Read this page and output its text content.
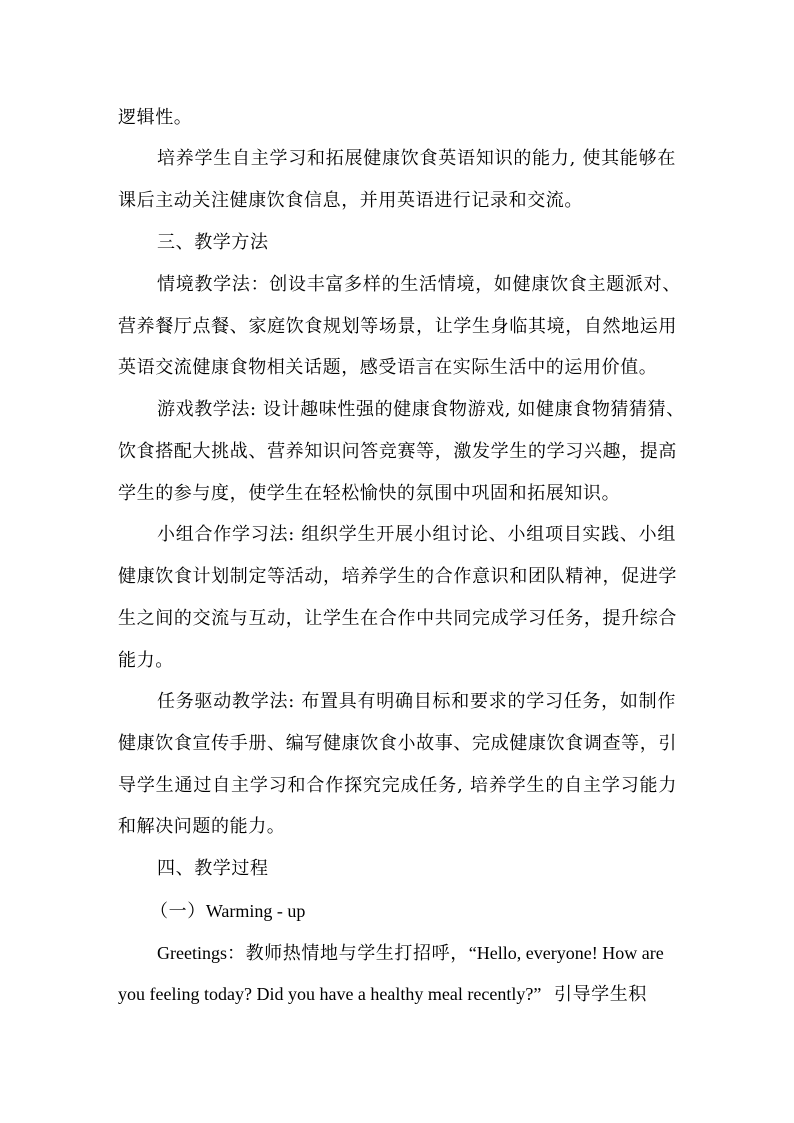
逻辑性。
培养学生自主学习和拓展健康饮食英语知识的能力, 使其能够在
课后主动关注健康饮食信息，并用英语进行记录和交流。
三、教学方法
情境教学法：创设丰富多样的生活情境，如健康饮食主题派对、
营养餐厅点餐、家庭饮食规划等场景，让学生身临其境，自然地运用
英语交流健康食物相关话题，感受语言在实际生活中的运用价值。
游戏教学法: 设计趣味性强的健康食物游戏, 如健康食物猜猜猜、
饮食搭配大挑战、营养知识问答竞赛等，激发学生的学习兴趣，提高
学生的参与度，使学生在轻松愉快的氛围中巩固和拓展知识。
小组合作学习法: 组织学生开展小组讨论、小组项目实践、小组
健康饮食计划制定等活动，培养学生的合作意识和团队精神，促进学
生之间的交流与互动，让学生在合作中共同完成学习任务，提升综合
能力。
任务驱动教学法: 布置具有明确目标和要求的学习任务，如制作
健康饮食宣传手册、编写健康饮食小故事、完成健康饮食调查等，引
导学生通过自主学习和合作探究完成任务, 培养学生的自主学习能力
和解决问题的能力。
四、教学过程
（一）Warming - up
Greetings：教师热情地与学生打招呼，“Hello, everyone! How are
you feeling today? Did you have a healthy meal recently?” 引导学生积
